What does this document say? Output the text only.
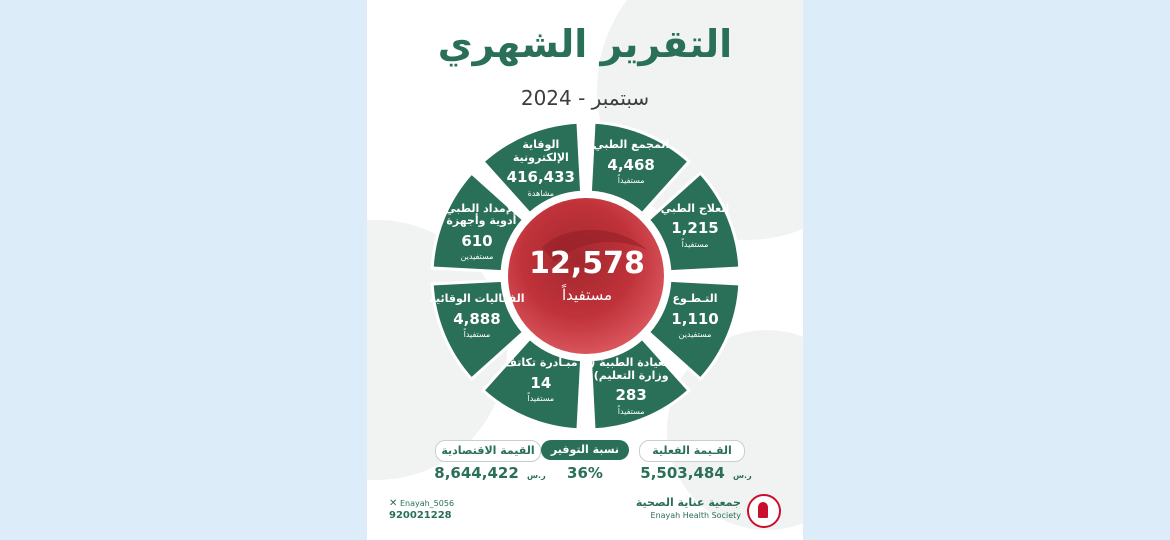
التقرير الشهري
سبتمبر - 2024
المجمع الطبي
4,468
مستفيداً
العلاج الطبي
1,215
مستفيداً
التـطـوع
1,110
مستفيدين
العيادة الطبية ( وزارة التعليم)
283
مستفيداً
مبـادرة تكاتف
14
مستفيداً
الفعاليات الوقائية
4,888
مستفيداً
الإمداد الطبي ( أدوية وأجهزة )
610
مستفيدين
الوقاية الإلكترونية
416,433
مشاهدة
12,578
مستفيداً
القيمة الاقتصادية	نسبة التوفير	القـيمة الفعلية
ر.س 8,644,422	36%	ر.س 5,503,484
✕ Enayah_5056
920021228
جمعية عناية الصحية
Enayah Health Society
